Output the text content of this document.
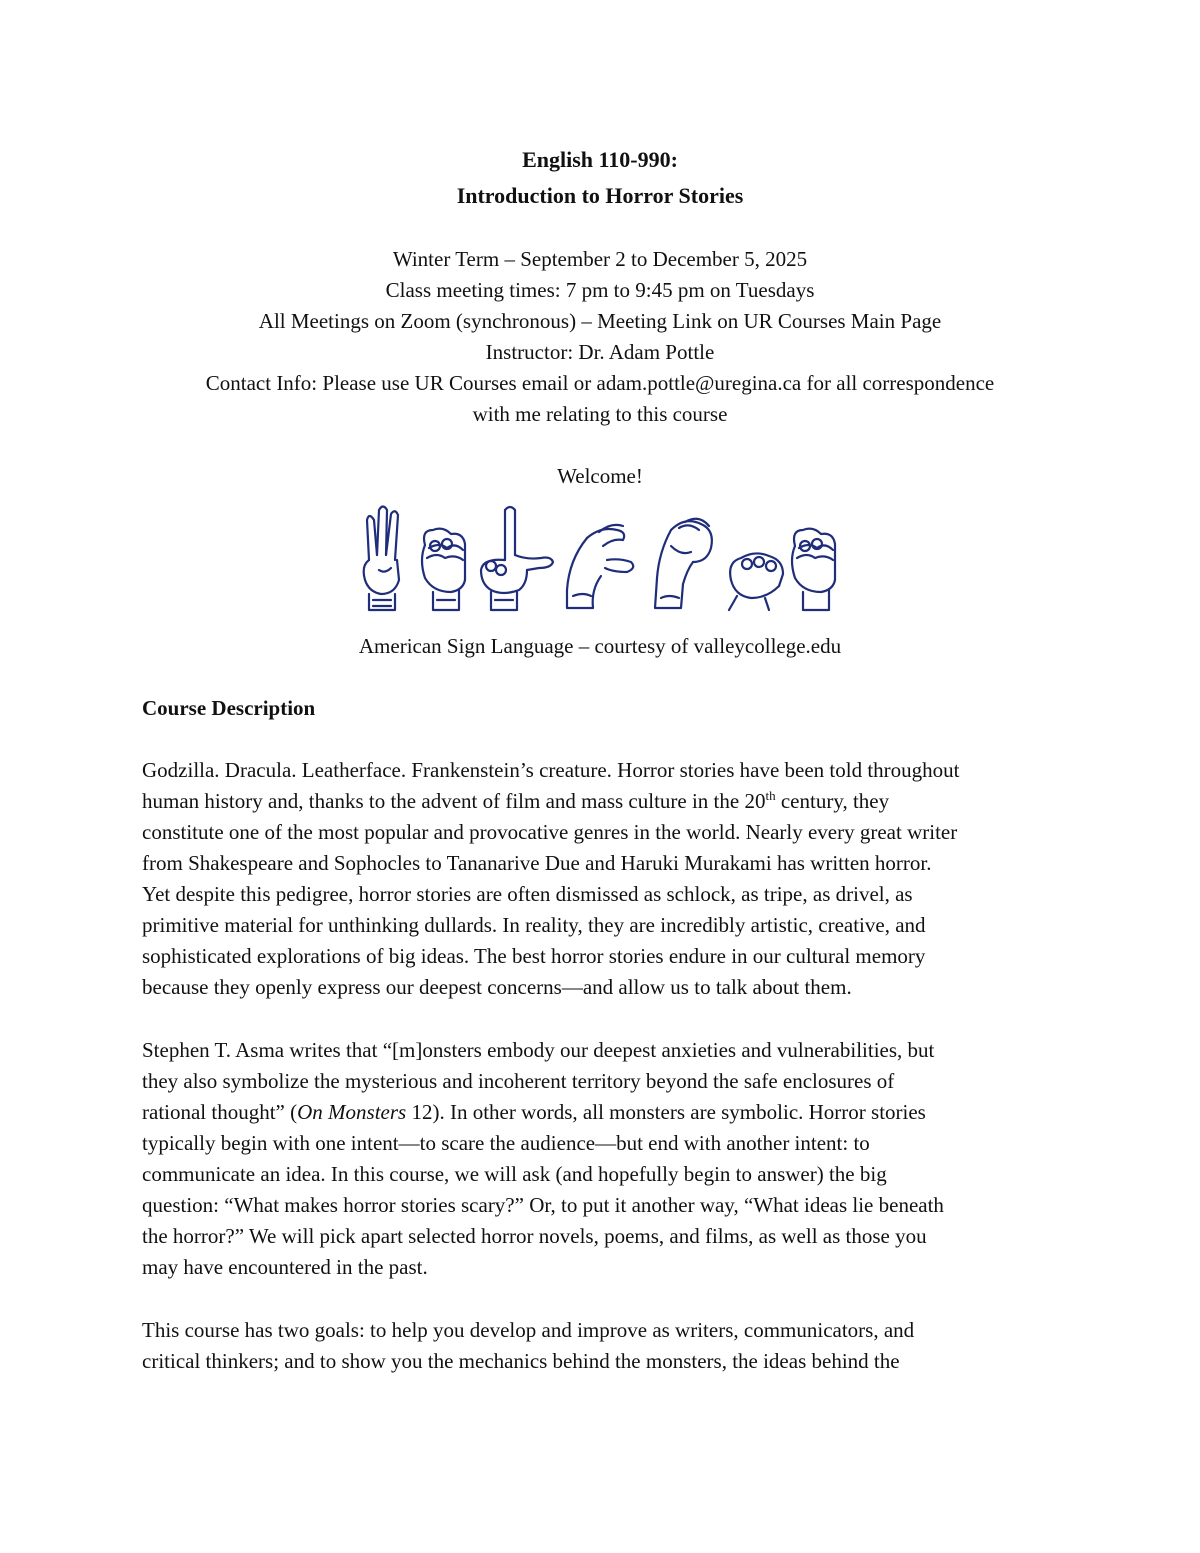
English 110-990:
Introduction to Horror Stories
Winter Term – September 2 to December 5, 2025
Class meeting times: 7 pm to 9:45 pm on Tuesdays
All Meetings on Zoom (synchronous) – Meeting Link on UR Courses Main Page
Instructor: Dr. Adam Pottle
Contact Info: Please use UR Courses email or adam.pottle@uregina.ca for all correspondence
with me relating to this course
Welcome!
American Sign Language – courtesy of valleycollege.edu
Course Description
Godzilla. Dracula. Leatherface. Frankenstein’s creature. Horror stories have been told throughout
human history and, thanks to the advent of film and mass culture in the 20th century, they
constitute one of the most popular and provocative genres in the world. Nearly every great writer
from Shakespeare and Sophocles to Tananarive Due and Haruki Murakami has written horror.
Yet despite this pedigree, horror stories are often dismissed as schlock, as tripe, as drivel, as
primitive material for unthinking dullards. In reality, they are incredibly artistic, creative, and
sophisticated explorations of big ideas. The best horror stories endure in our cultural memory
because they openly express our deepest concerns—and allow us to talk about them.
Stephen T. Asma writes that “[m]onsters embody our deepest anxieties and vulnerabilities, but
they also symbolize the mysterious and incoherent territory beyond the safe enclosures of
rational thought” (On Monsters 12). In other words, all monsters are symbolic. Horror stories
typically begin with one intent—to scare the audience—but end with another intent: to
communicate an idea. In this course, we will ask (and hopefully begin to answer) the big
question: “What makes horror stories scary?” Or, to put it another way, “What ideas lie beneath
the horror?” We will pick apart selected horror novels, poems, and films, as well as those you
may have encountered in the past.
This course has two goals: to help you develop and improve as writers, communicators, and
critical thinkers; and to show you the mechanics behind the monsters, the ideas behind the
